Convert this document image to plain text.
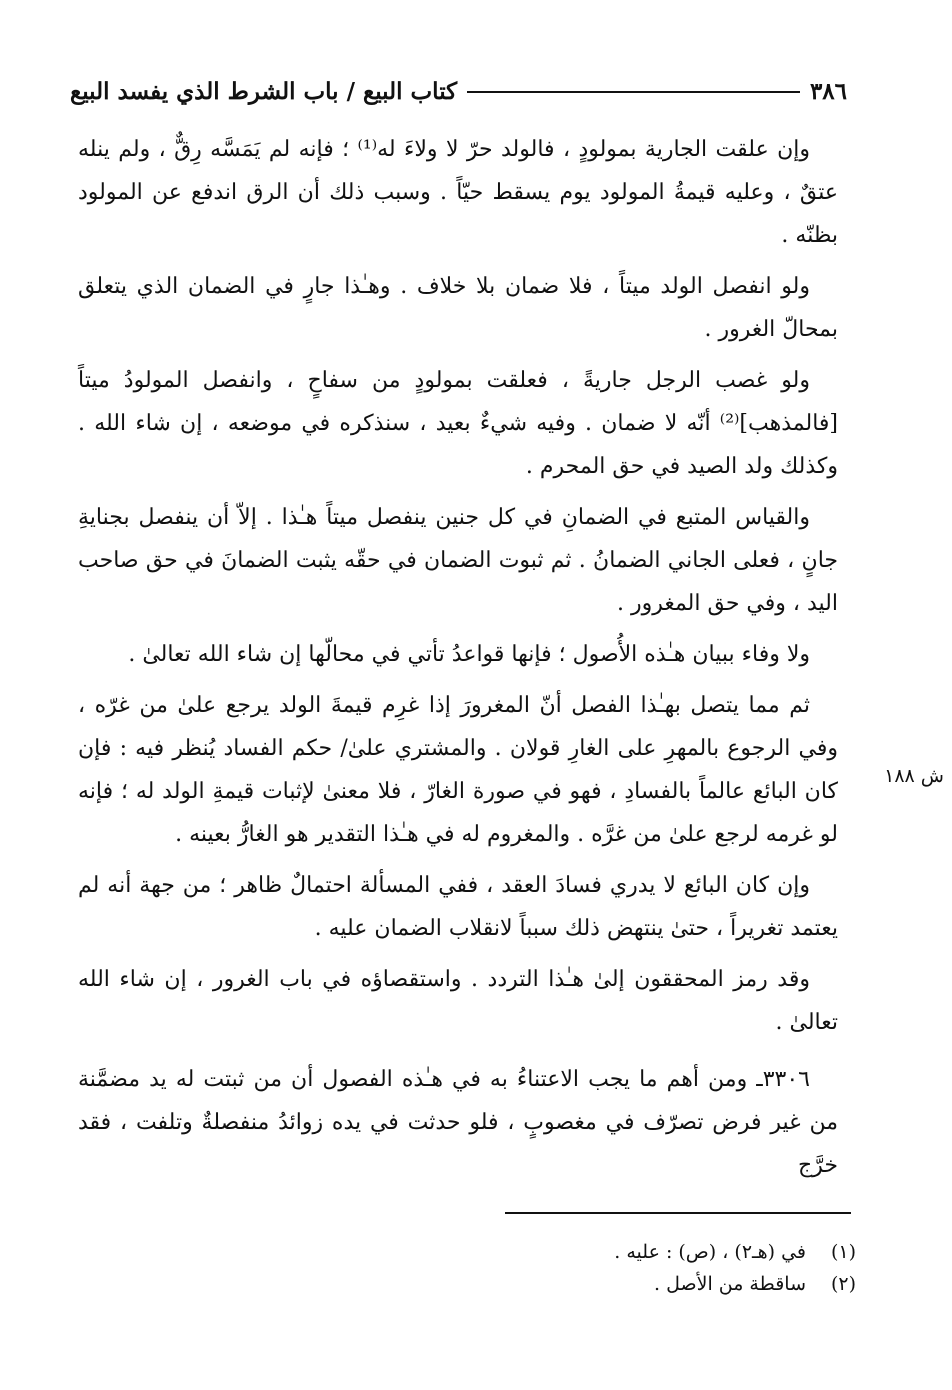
٣٨٦
كتاب البيع / باب الشرط الذي يفسد البيع

وإن علقت الجارية بمولودٍ ، فالولد حرّ لا ولاءَ له⁽¹⁾ ؛ فإنه لم يَمَسَّه رِقٌّ ، ولم ينله عتقٌ ، وعليه قيمةُ المولود يوم يسقط حيّاً . وسبب ذلك أن الرق اندفع عن المولود بظنّه .

ولو انفصل الولد ميتاً ، فلا ضمان بلا خلاف . وهـٰذا جارٍ في الضمان الذي يتعلق بمحالّ الغرور .

ولو غصب الرجل جاريةً ، فعلقت بمولودٍ من سفاحٍ ، وانفصل المولودُ ميتاً [فالمذهب]⁽²⁾ أنّه لا ضمان . وفيه شيءٌ بعيد ، سنذكره في موضعه ، إن شاء الله . وكذلك ولد الصيد في حق المحرم .

والقياس المتبع في الضمانِ في كل جنين ينفصل ميتاً هـٰذا . إلاّ أن ينفصل بجنايةِ جانٍ ، فعلى الجاني الضمانُ . ثم ثبوت الضمان في حقّه يثبت الضمانَ في حق صاحب اليد ، وفي حق المغرور .

ولا وفاء ببيان هـٰذه الأُصول ؛ فإنها قواعدُ تأتي في محالّها إن شاء الله تعالىٰ .

ثم مما يتصل بهـٰذا الفصل أنّ المغرورَ إذا غرِم قيمةَ الولد يرجع علىٰ من غرّه ، وفي الرجوع بالمهرِ على الغارِ قولان . والمشتري علىٰ/ حكم الفساد يُنظر فيه : فإن كان البائع عالماً بالفسادِ ، فهو في صورة الغارّ ، فلا معنىٰ لإثبات قيمةِ الولد له ؛ فإنه لو غرمه لرجع علىٰ من غرَّه . والمغروم له في هـٰذا التقدير هو الغارُّ بعينه .

وإن كان البائع لا يدري فسادَ العقد ، ففي المسألة احتمالٌ ظاهر ؛ من جهة أنه لم يعتمد تغريراً ، حتىٰ ينتهض ذلك سبباً لانقلاب الضمان عليه .

وقد رمز المحققون إلىٰ هـٰذا التردد . واستقصاؤه في باب الغرور ، إن شاء الله تعالىٰ .

٣٣٠٦ـ ومن أهم ما يجب الاعتناءُ به في هـٰذه الفصول أن من ثبتت له يد مضمَّنة من غير فرض تصرّف في مغصوبٍ ، فلو حدثت في يده زوائدُ منفصلةٌ وتلفت ، فقد خرَّج

ش ١٨٨
(١)
في (هـ٢) ، (ص) : عليه .
(٢)
ساقطة من الأصل .
